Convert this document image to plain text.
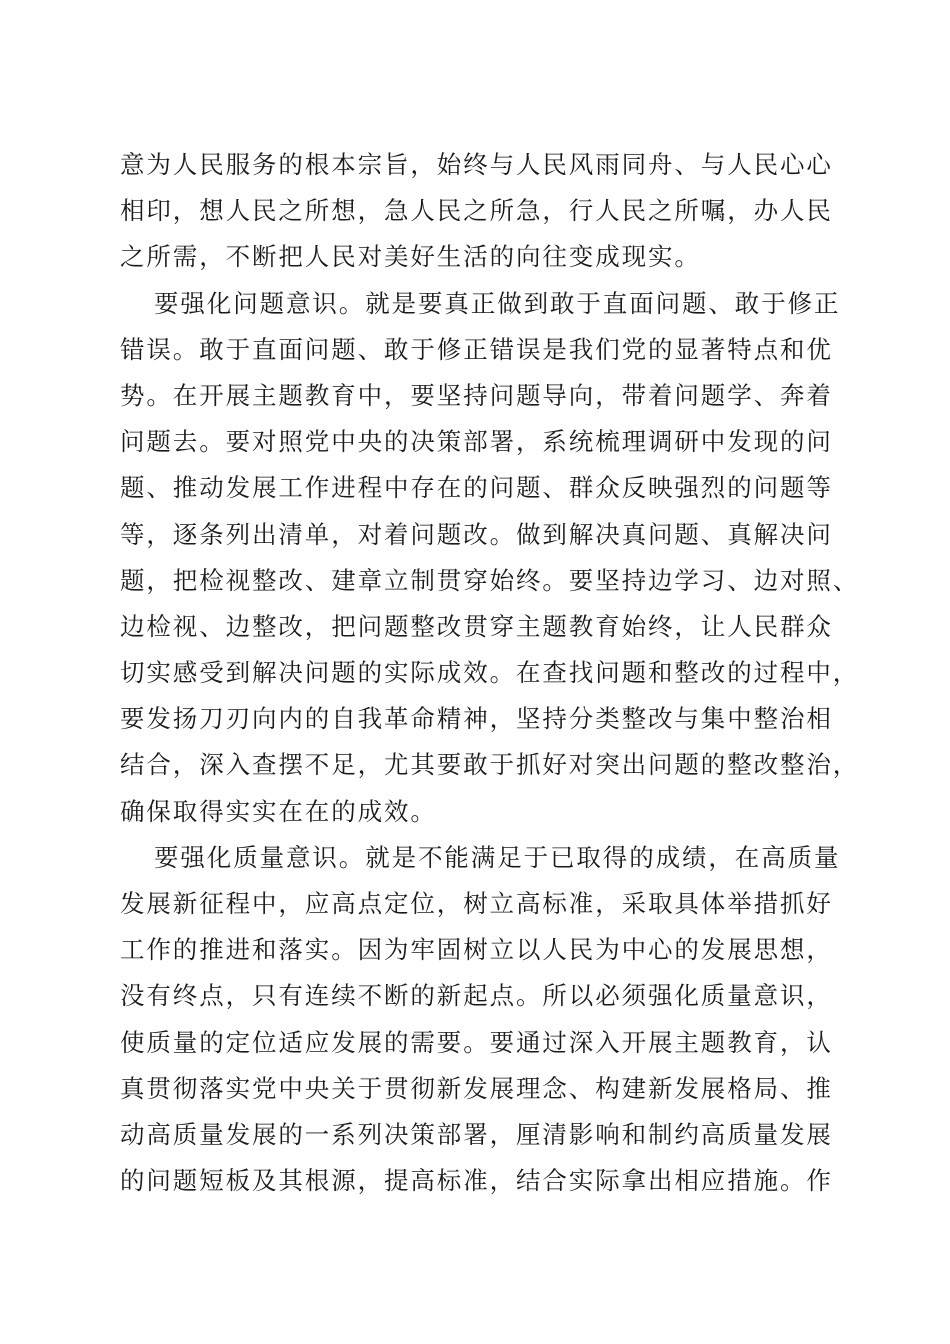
意为人民服务的根本宗旨，始终与人民风雨同舟、与人民心心
相印，想人民之所想，急人民之所急，行人民之所嘱，办人民
之所需，不断把人民对美好生活的向往变成现实。
要强化问题意识。就是要真正做到敢于直面问题、敢于修正
错误。敢于直面问题、敢于修正错误是我们党的显著特点和优
势。在开展主题教育中，要坚持问题导向，带着问题学、奔着
问题去。要对照党中央的决策部署，系统梳理调研中发现的问
题、推动发展工作进程中存在的问题、群众反映强烈的问题等
等，逐条列出清单，对着问题改。做到解决真问题、真解决问
题，把检视整改、建章立制贯穿始终。要坚持边学习、边对照、
边检视、边整改，把问题整改贯穿主题教育始终，让人民群众
切实感受到解决问题的实际成效。在查找问题和整改的过程中，
要发扬刀刃向内的自我革命精神，坚持分类整改与集中整治相
结合，深入查摆不足，尤其要敢于抓好对突出问题的整改整治，
确保取得实实在在的成效。
要强化质量意识。就是不能满足于已取得的成绩，在高质量
发展新征程中，应高点定位，树立高标准，采取具体举措抓好
工作的推进和落实。因为牢固树立以人民为中心的发展思想，
没有终点，只有连续不断的新起点。所以必须强化质量意识，
使质量的定位适应发展的需要。要通过深入开展主题教育，认
真贯彻落实党中央关于贯彻新发展理念、构建新发展格局、推
动高质量发展的一系列决策部署，厘清影响和制约高质量发展
的问题短板及其根源，提高标准，结合实际拿出相应措施。作
